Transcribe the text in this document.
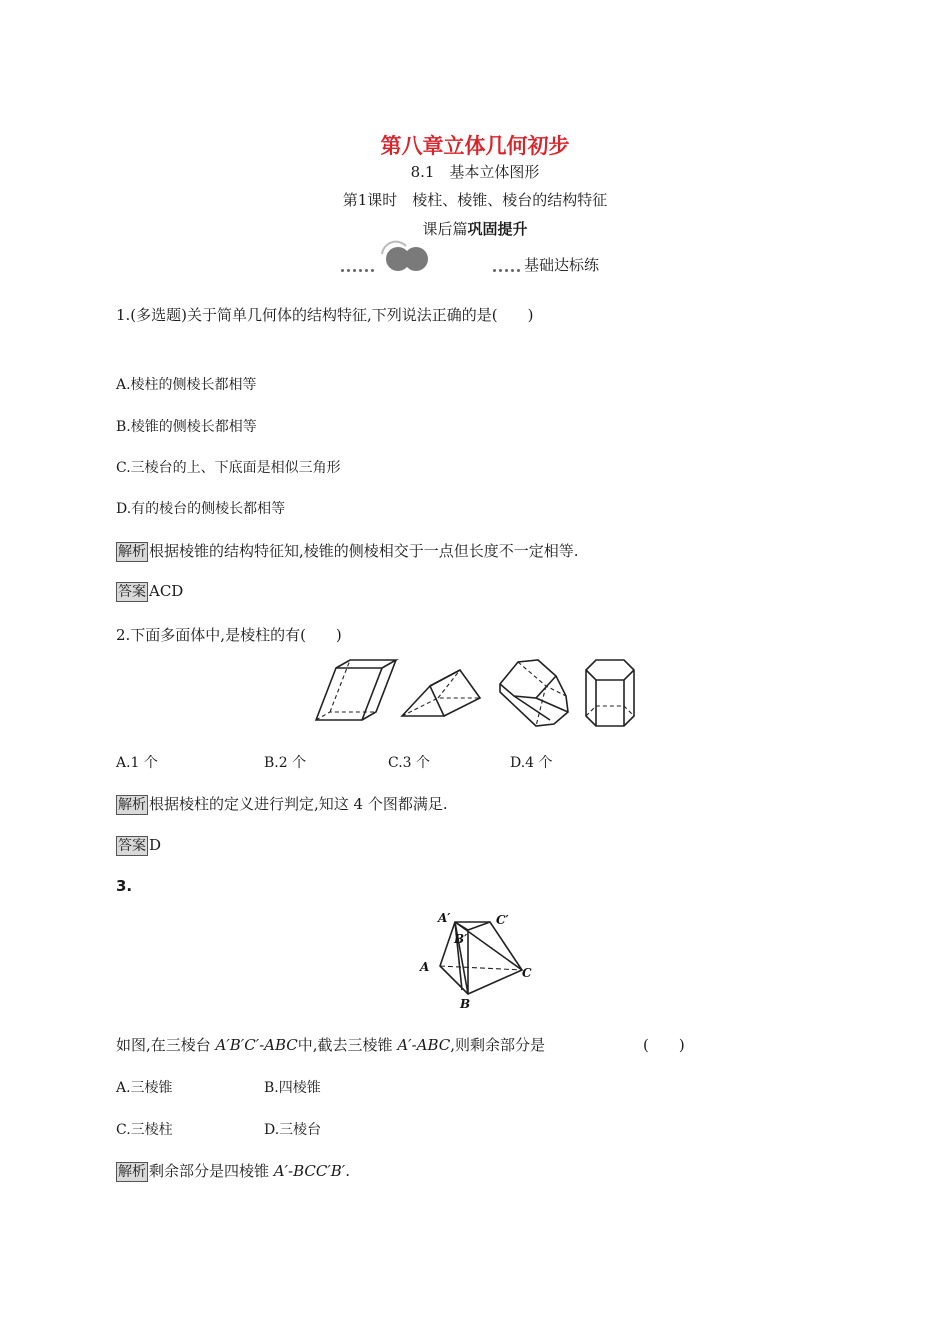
第八章立体几何初步
8.1　基本立体图形
第1课时　棱柱、棱锥、棱台的结构特征
课后篇巩固提升
基础达标练
1.(多选题)关于简单几何体的结构特征,下列说法正确的是(　　)
A.棱柱的侧棱长都相等
B.棱锥的侧棱长都相等
C.三棱台的上、下底面是相似三角形
D.有的棱台的侧棱长都相等
解析 根据棱锥的结构特征知,棱锥的侧棱相交于一点但长度不一定相等.
答案 ACD
2.下面多面体中,是棱柱的有(　　)
A.1 个	B.2 个	C.3 个	D.4 个
解析 根据棱柱的定义进行判定,知这 4 个图都满足.
答案 D
3.
A′
B′
C′
A
B
C
如图,在三棱台 A′B′C′-ABC中,截去三棱锥 A′-ABC,则剩余部分是	(　　)
A.三棱锥	B.四棱锥
C.三棱柱	D.三棱台
解析 剩余部分是四棱锥 A′-BCC′B′.
